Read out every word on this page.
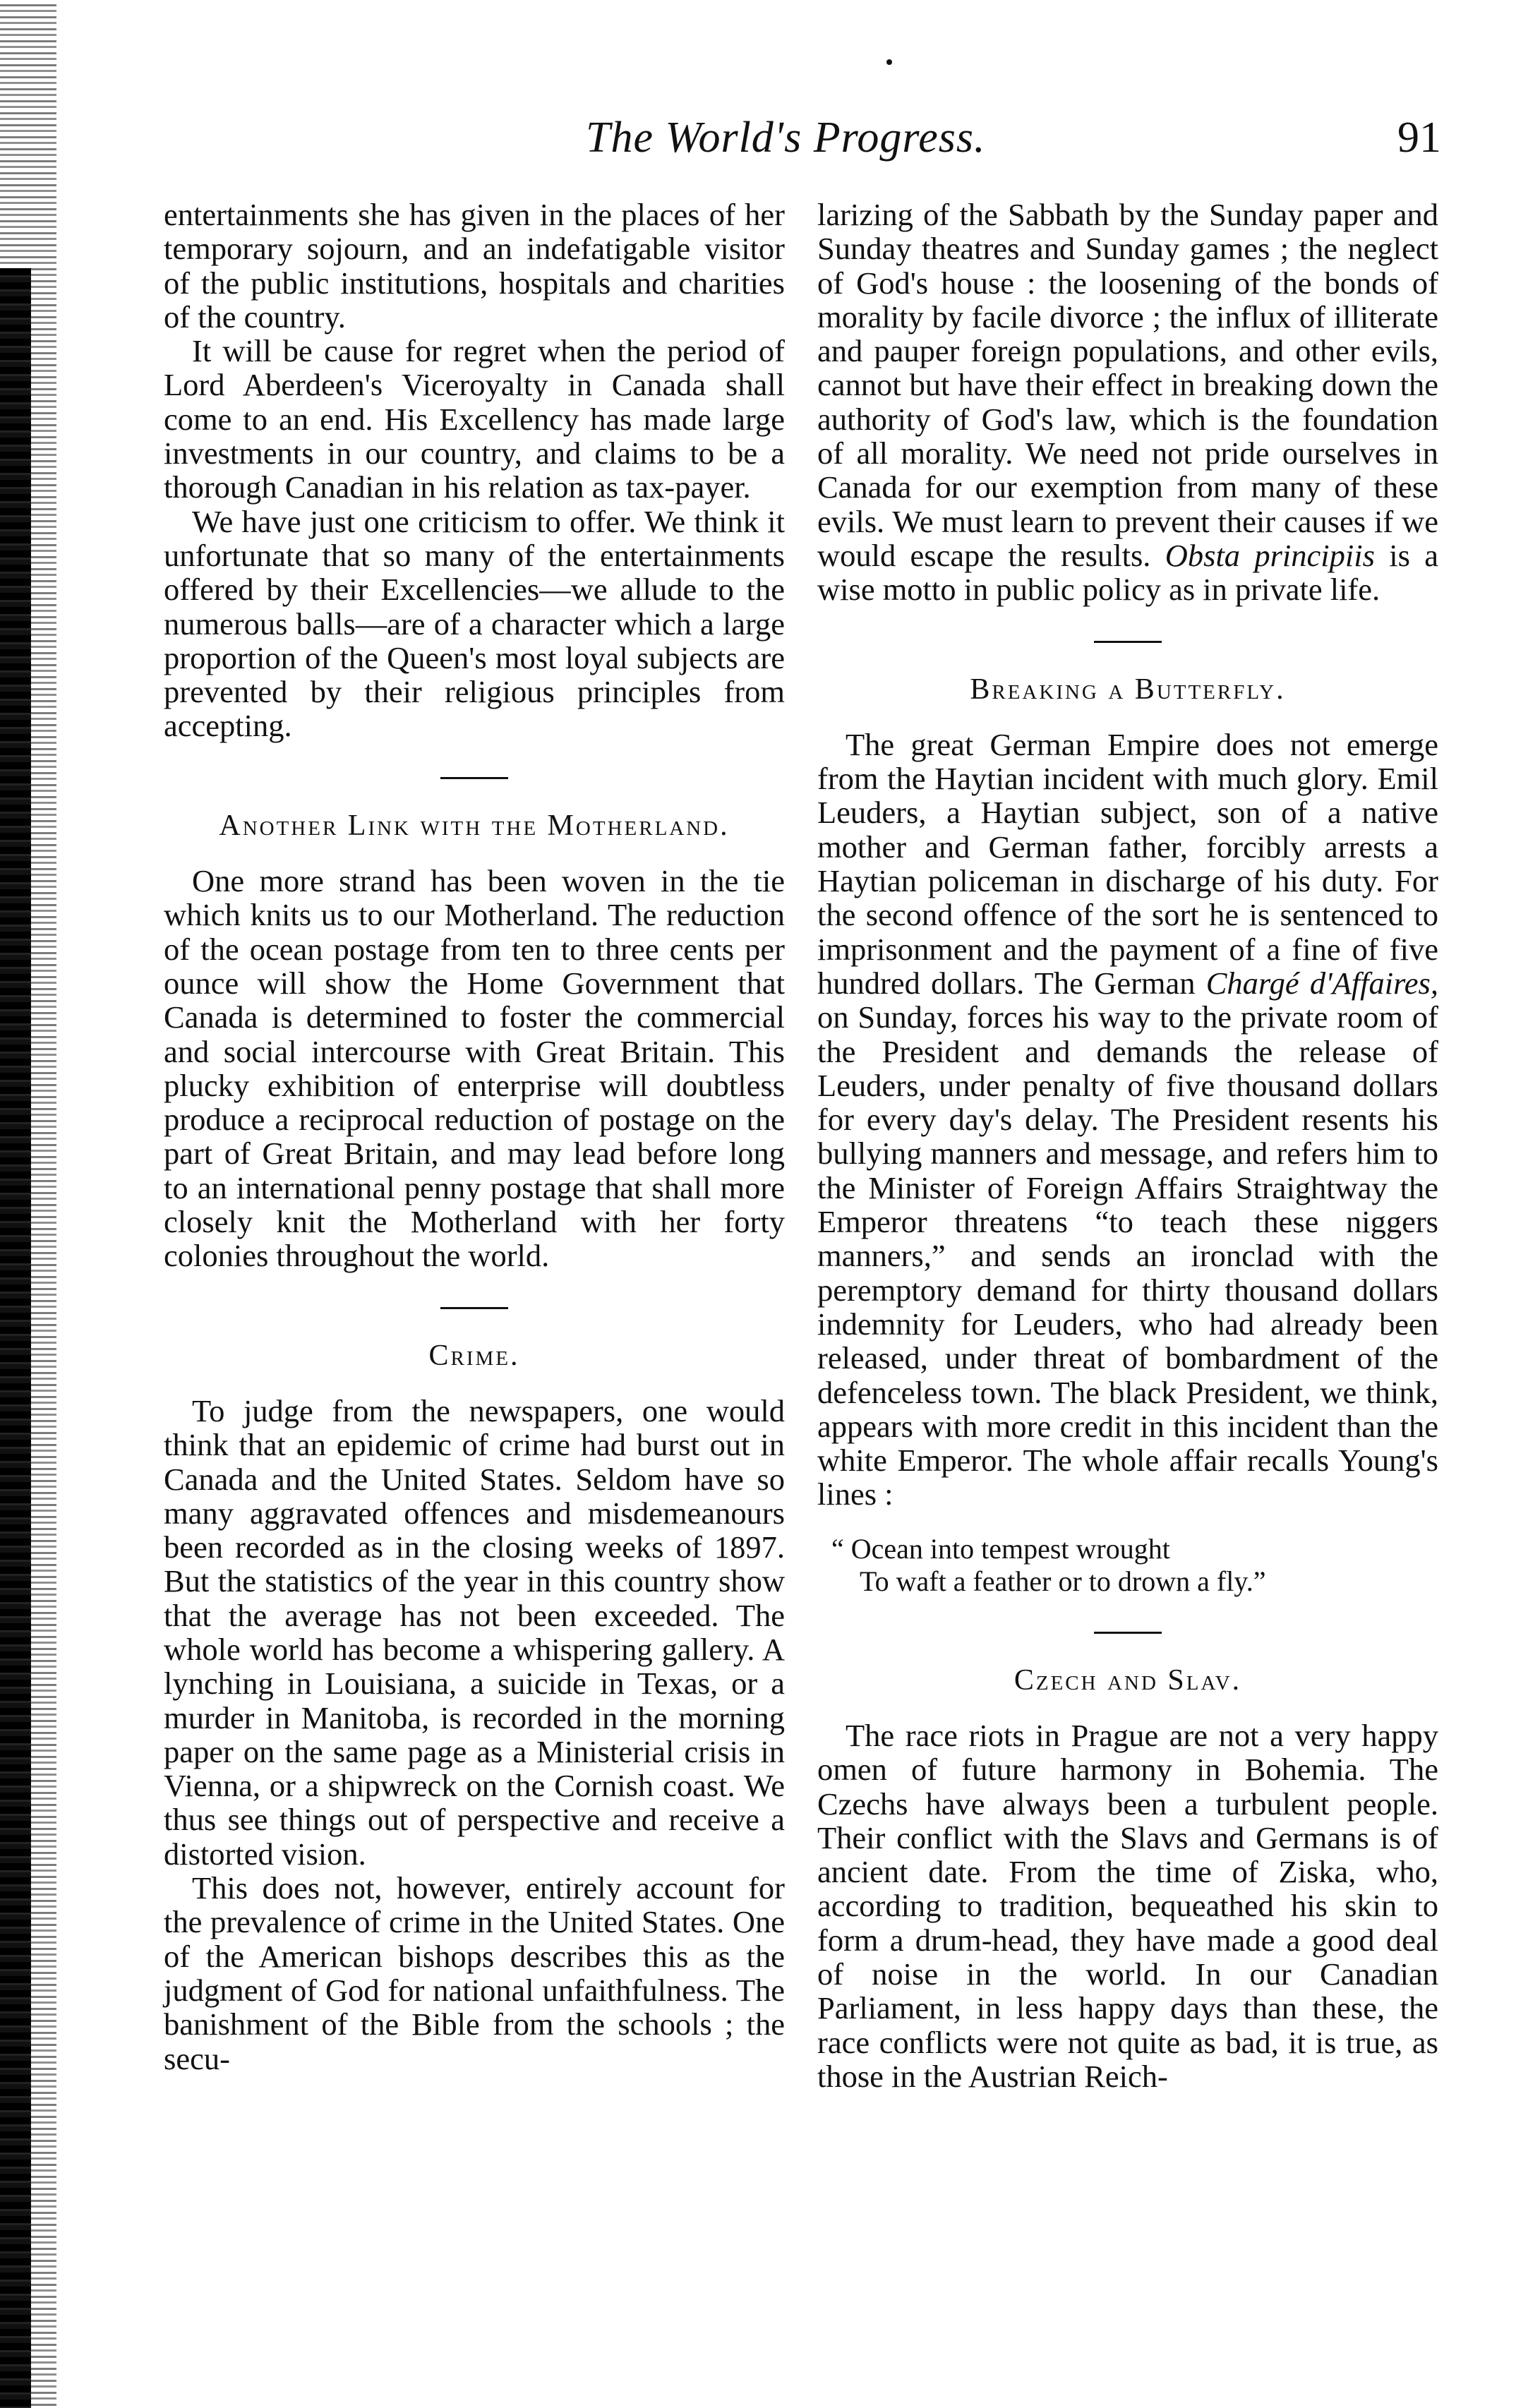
The World's Progress.	91

entertainments she has given in the places of her temporary sojourn, and an indefatigable visitor of the public institutions, hospitals and charities of the country.

It will be cause for regret when the period of Lord Aberdeen's Viceroyalty in Canada shall come to an end. His Excellency has made large investments in our country, and claims to be a thorough Canadian in his relation as tax-payer.

We have just one criticism to offer. We think it unfortunate that so many of the entertainments offered by their Excellencies—we allude to the numerous balls—are of a character which a large proportion of the Queen's most loyal subjects are prevented by their religious principles from accepting.

Another Link with the Motherland.

One more strand has been woven in the tie which knits us to our Motherland. The reduction of the ocean postage from ten to three cents per ounce will show the Home Government that Canada is determined to foster the commercial and social intercourse with Great Britain. This plucky exhibition of enterprise will doubtless produce a reciprocal reduction of postage on the part of Great Britain, and may lead before long to an international penny postage that shall more closely knit the Motherland with her forty colonies throughout the world.

Crime.

To judge from the newspapers, one would think that an epidemic of crime had burst out in Canada and the United States. Seldom have so many aggravated offences and misdemeanours been recorded as in the closing weeks of 1897. But the statistics of the year in this country show that the average has not been exceeded. The whole world has become a whispering gallery. A lynching in Louisiana, a suicide in Texas, or a murder in Manitoba, is recorded in the morning paper on the same page as a Ministerial crisis in Vienna, or a shipwreck on the Cornish coast. We thus see things out of perspective and receive a distorted vision.

This does not, however, entirely account for the prevalence of crime in the United States. One of the American bishops describes this as the judgment of God for national unfaithfulness. The banishment of the Bible from the schools ; the secu-

larizing of the Sabbath by the Sunday paper and Sunday theatres and Sunday games ; the neglect of God's house : the loosening of the bonds of morality by facile divorce ; the influx of illiterate and pauper foreign populations, and other evils, cannot but have their effect in breaking down the authority of God's law, which is the foundation of all morality. We need not pride ourselves in Canada for our exemption from many of these evils. We must learn to prevent their causes if we would escape the results. Obsta principiis is a wise motto in public policy as in private life.

Breaking a Butterfly.

The great German Empire does not emerge from the Haytian incident with much glory. Emil Leuders, a Haytian subject, son of a native mother and German father, forcibly arrests a Haytian policeman in discharge of his duty. For the second offence of the sort he is sentenced to imprisonment and the payment of a fine of five hundred dollars. The German Chargé d'Affaires, on Sunday, forces his way to the private room of the President and demands the release of Leuders, under penalty of five thousand dollars for every day's delay. The President resents his bullying manners and message, and refers him to the Minister of Foreign Affairs Straightway the Emperor threatens “to teach these niggers manners,” and sends an ironclad with the peremptory demand for thirty thousand dollars indemnity for Leuders, who had already been released, under threat of bombardment of the defenceless town. The black President, we think, appears with more credit in this incident than the white Emperor. The whole affair recalls Young's lines :

“ Ocean into tempest wrought
To waft a feather or to drown a fly.”
Czech and Slav.

The race riots in Prague are not a very happy omen of future harmony in Bohemia. The Czechs have always been a turbulent people. Their conflict with the Slavs and Germans is of ancient date. From the time of Ziska, who, according to tradition, bequeathed his skin to form a drum-head, they have made a good deal of noise in the world. In our Canadian Parliament, in less happy days than these, the race conflicts were not quite as bad, it is true, as those in the Austrian Reich-
